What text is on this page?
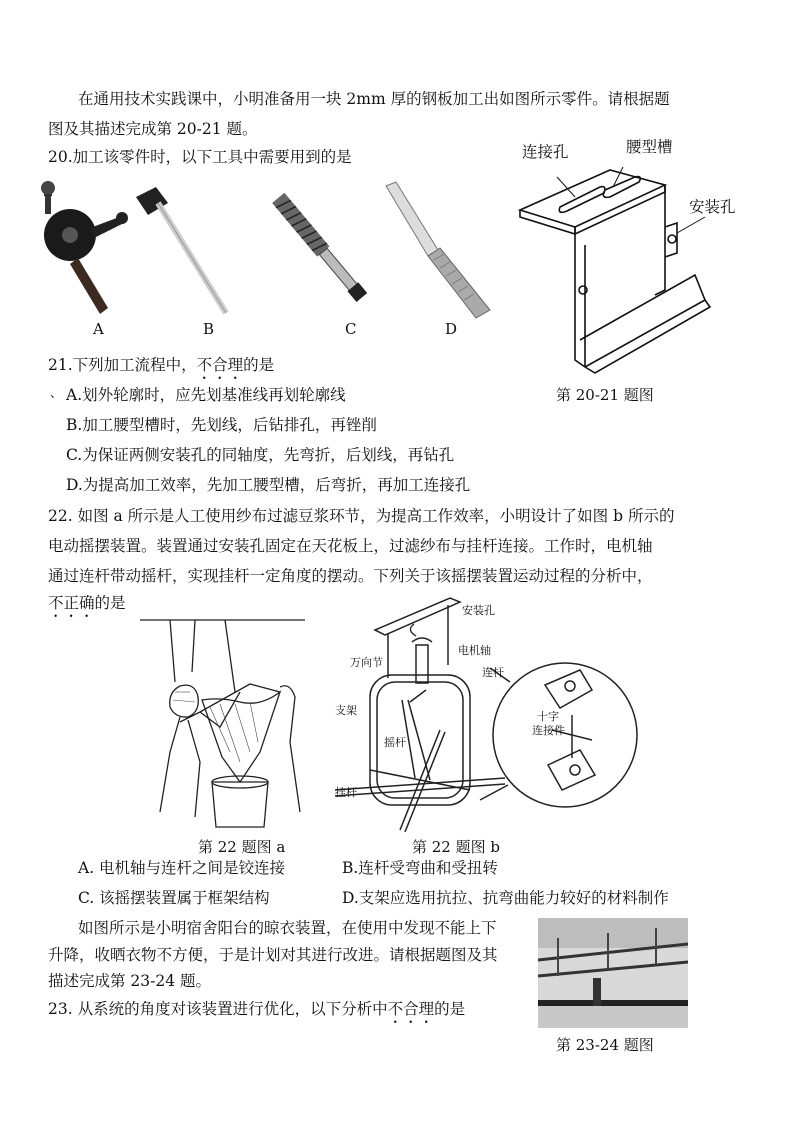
在通用技术实践课中，小明准备用一块 2mm 厚的钢板加工出如图所示零件。请根据题
图及其描述完成第 20-21 题。
20.加工该零件时，以下工具中需要用到的是
A	B	C	D
连接孔	腰型槽
安装孔
第 20-21 题图
21.下列加工流程中，不合理的是
、 A.划外轮廓时，应先划基准线再划轮廓线
B.加工腰型槽时，先划线，后钻排孔，再锉削
C.为保证两侧安装孔的同轴度，先弯折，后划线，再钻孔
D.为提高加工效率，先加工腰型槽，后弯折，再加工连接孔
22. 如图 a 所示是人工使用纱布过滤豆浆环节，为提高工作效率，小明设计了如图 b 所示的
电动摇摆装置。装置通过安装孔固定在天花板上，过滤纱布与挂杆连接。工作时，电机轴
通过连杆带动摇杆，实现挂杆一定角度的摆动。下列关于该摇摆装置运动过程的分析中，
不正确的是
第 22 题图 a
安装孔
电机轴
万向节
连杆
支架
摇杆
十字
连接件
挂杆
第 22 题图 b
A. 电机轴与连杆之间是铰连接	B.连杆受弯曲和受扭转
C. 该摇摆装置属于框架结构	D.支架应选用抗拉、抗弯曲能力较好的材料制作
如图所示是小明宿舍阳台的晾衣装置，在使用中发现不能上下
升降，收晒衣物不方便，于是计划对其进行改进。请根据题图及其
描述完成第 23-24 题。
23. 从系统的角度对该装置进行优化，以下分析中不合理的是
第 23-24 题图
